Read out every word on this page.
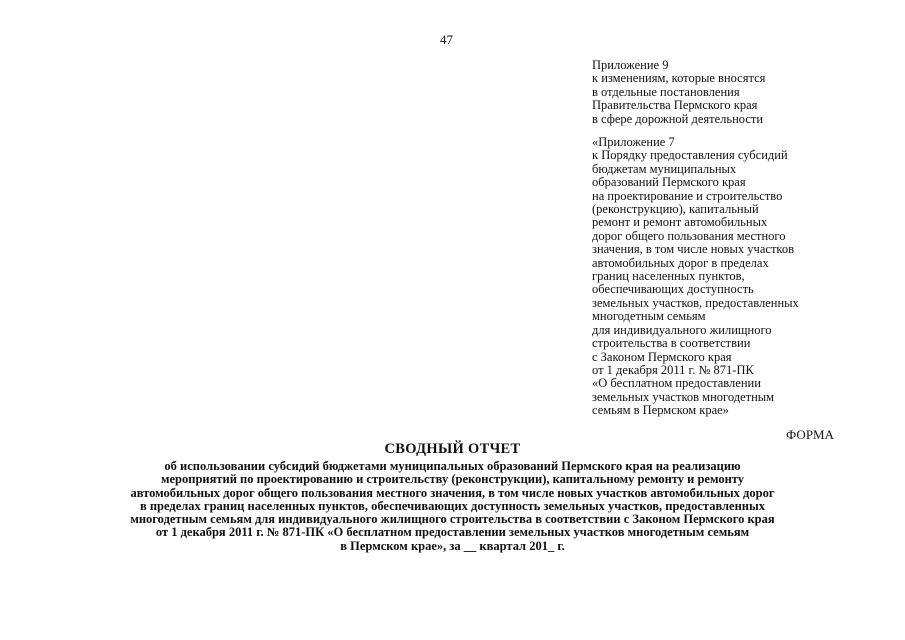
47
Приложение 9
к изменениям, которые вносятся
в отдельные постановления
Правительства Пермского края
в сфере дорожной деятельности
«Приложение 7
к Порядку предоставления субсидий
бюджетам муниципальных
образований Пермского края
на проектирование и строительство
(реконструкцию), капитальный
ремонт и ремонт автомобильных
дорог общего пользования местного
значения, в том числе новых участков
автомобильных дорог в пределах
границ населенных пунктов,
обеспечивающих доступность
земельных участков, предоставленных
многодетным семьям
для индивидуального жилищного
строительства в соответствии
с Законом Пермского края
от 1 декабря 2011 г. № 871-ПК
«О бесплатном предоставлении
земельных участков многодетным
семьям в Пермском крае»
ФОРМА
СВОДНЫЙ ОТЧЕТ
об использовании субсидий бюджетами муниципальных образований Пермского края на реализацию
мероприятий по проектированию и строительству (реконструкции), капитальному ремонту и ремонту
автомобильных дорог общего пользования местного значения, в том числе новых участков автомобильных дорог
в пределах границ населенных пунктов, обеспечивающих доступность земельных участков, предоставленных
многодетным семьям для индивидуального жилищного строительства в соответствии с Законом Пермского края
от 1 декабря 2011 г. № 871-ПК «О бесплатном предоставлении земельных участков многодетным семьям
в Пермском крае», за __ квартал 201_ г.
